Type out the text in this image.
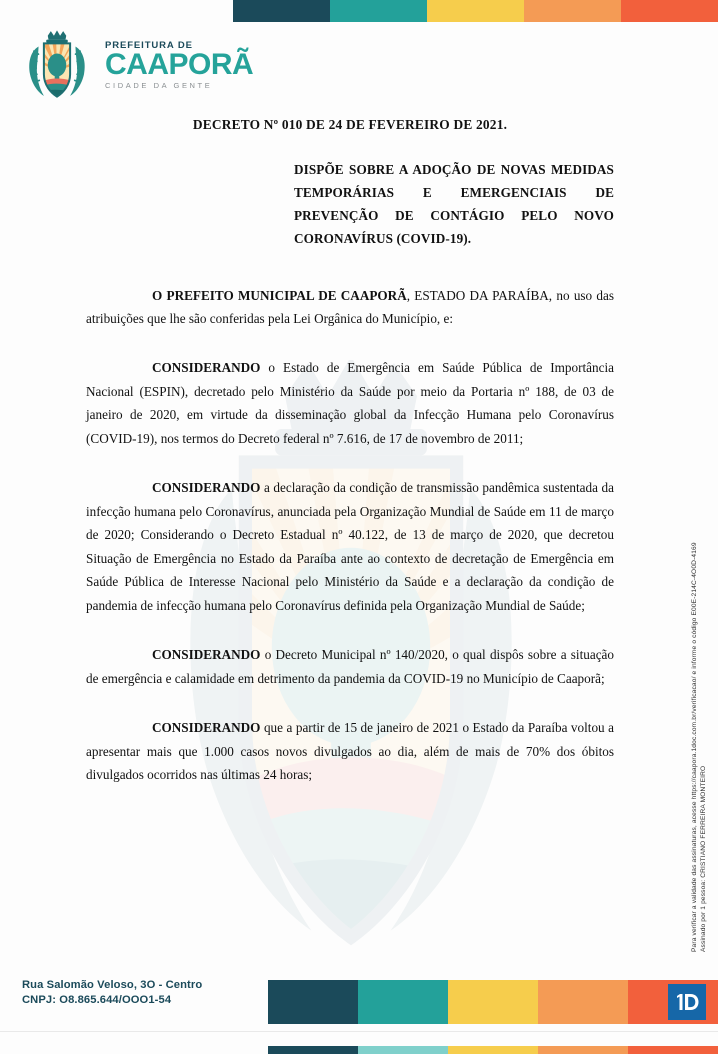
PREFEITURA DE
CAAPORÃ
CIDADE DA GENTE
DECRETO Nº 010 DE 24 DE FEVEREIRO DE 2021.
DISPÕE SOBRE A ADOÇÃO DE NOVAS MEDIDAS TEMPORÁRIAS E EMERGENCIAIS DE PREVENÇÃO DE CONTÁGIO PELO NOVO CORONAVÍRUS (COVID-19).
O PREFEITO MUNICIPAL DE CAAPORÃ, ESTADO DA PARAÍBA, no uso das atribuições que lhe são conferidas pela Lei Orgânica do Município, e:

CONSIDERANDO o Estado de Emergência em Saúde Pública de Importância Nacional (ESPIN), decretado pelo Ministério da Saúde por meio da Portaria nº 188, de 03 de janeiro de 2020, em virtude da disseminação global da Infecção Humana pelo Coronavírus (COVID-19), nos termos do Decreto federal nº 7.616, de 17 de novembro de 2011;

CONSIDERANDO a declaração da condição de transmissão pandêmica sustentada da infecção humana pelo Coronavírus, anunciada pela Organização Mundial de Saúde em 11 de março de 2020; Considerando o Decreto Estadual nº 40.122, de 13 de março de 2020, que decretou Situação de Emergência no Estado da Paraíba ante ao contexto de decretação de Emergência em Saúde Pública de Interesse Nacional pelo Ministério da Saúde e a declaração da condição de pandemia de infecção humana pelo Coronavírus definida pela Organização Mundial de Saúde;

CONSIDERANDO o Decreto Municipal nº 140/2020, o qual dispôs sobre a situação de emergência e calamidade em detrimento da pandemia da COVID-19 no Município de Caaporã;

CONSIDERANDO que a partir de 15 de janeiro de 2021 o Estado da Paraíba voltou a apresentar mais que 1.000 casos novos divulgados ao dia, além de mais de 70% dos óbitos divulgados ocorridos nas últimas 24 horas;	Assinado por 1 pessoa: CRISTIANO FERREIRA MONTEIRO
Para verificar a validade das assinaturas, acesse https://caapora.1doc.com.br/verificacao/ e informe o código E00E-214C-4O0D-4169
Rua Salomão Veloso, 3O - Centro
CNPJ: O8.865.644/OOO1-54
